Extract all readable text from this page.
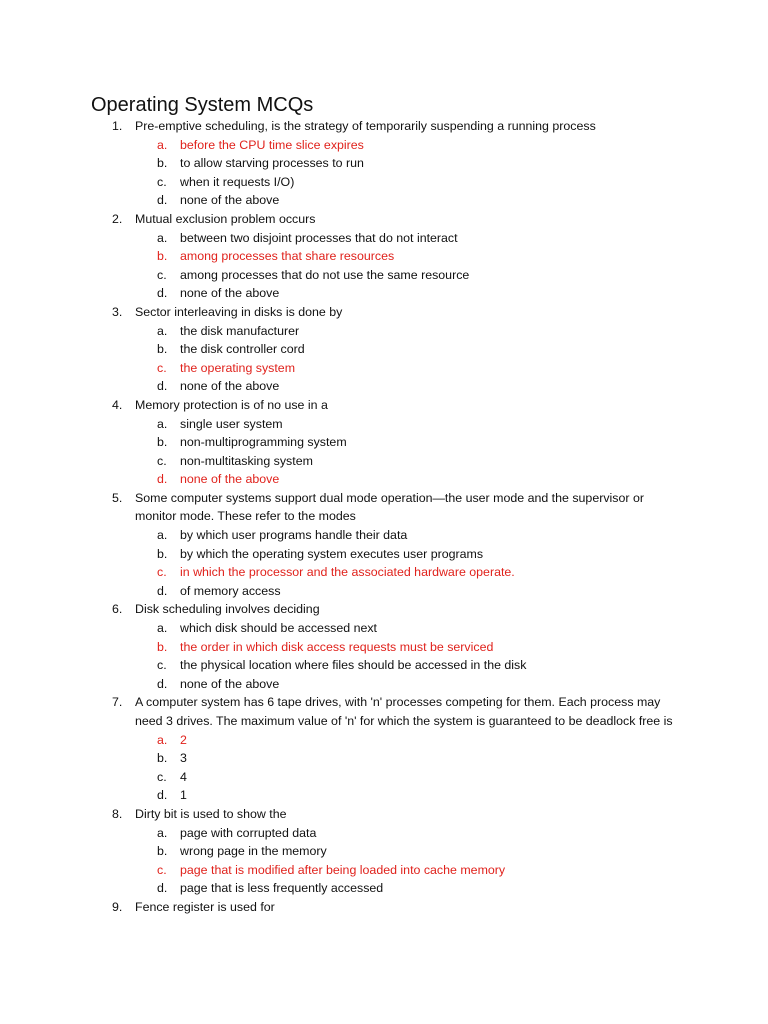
Operating System MCQs
1.	Pre-emptive scheduling, is the strategy of temporarily suspending a running process
a. before the CPU time slice expires
b. to allow starving processes to run
c. when it requests I/O)
d. none of the above
2.	Mutual exclusion problem occurs
a. between two disjoint processes that do not interact
b. among processes that share resources
c. among processes that do not use the same resource
d. none of the above
3.	Sector interleaving in disks is done by
a. the disk manufacturer
b. the disk controller cord
c. the operating system
d. none of the above
4.	Memory protection is of no use in a
a. single user system
b. non-multiprogramming system
c. non-multitasking system
d. none of the above
5.	Some computer systems support dual mode operation—the user mode and the supervisor or monitor mode. These refer to the modes
a. by which user programs handle their data
b. by which the operating system executes user programs
c. in which the processor and the associated hardware operate.
d. of memory access
6.	Disk scheduling involves deciding
a. which disk should be accessed next
b. the order in which disk access requests must be serviced
c. the physical location where files should be accessed in the disk
d. none of the above
7.	A computer system has 6 tape drives, with 'n' processes competing for them. Each process may need 3 drives. The maximum value of 'n' for which the system is guaranteed to be deadlock free is
a. 2
b. 3
c. 4
d. 1
8.	Dirty bit is used to show the
a. page with corrupted data
b. wrong page in the memory
c. page that is modified after being loaded into cache memory
d. page that is less frequently accessed
9.	Fence register is used for
